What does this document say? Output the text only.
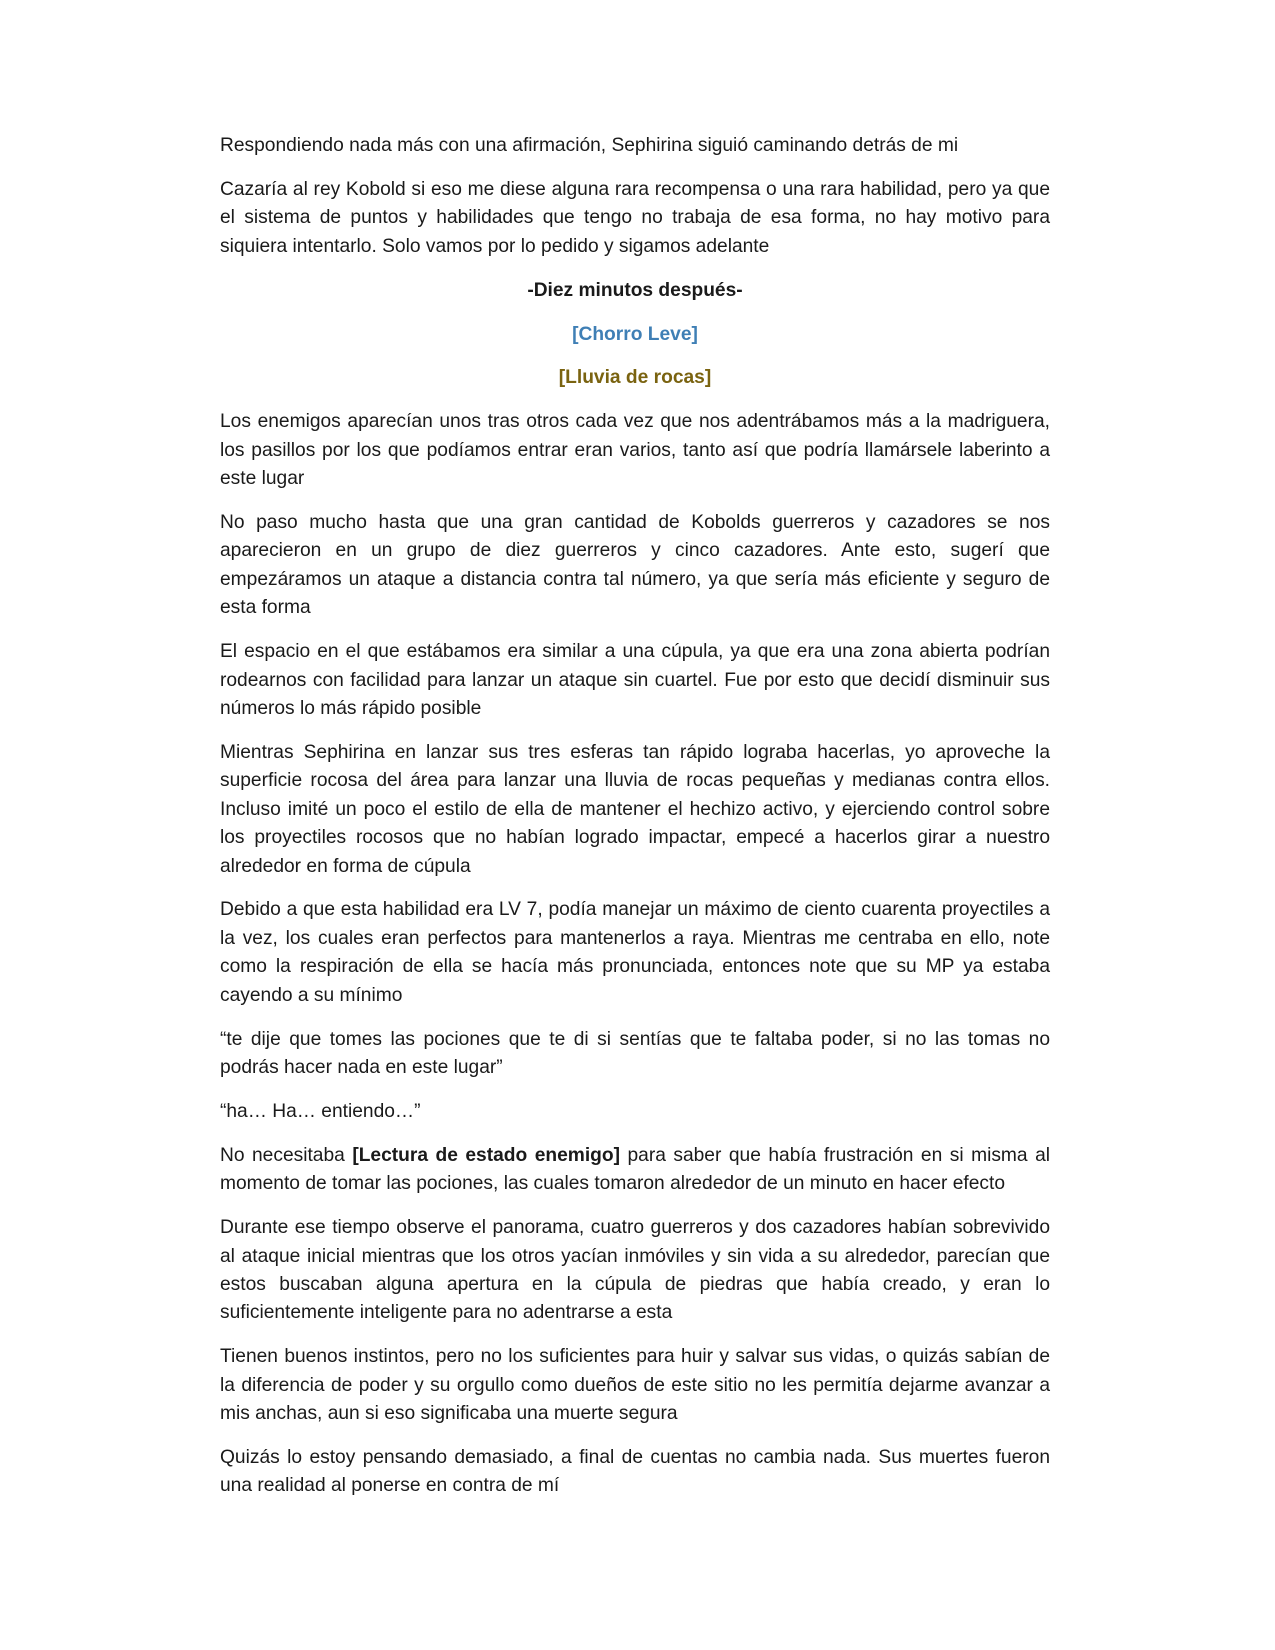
Respondiendo nada más con una afirmación, Sephirina siguió caminando detrás de mi

Cazaría al rey Kobold si eso me diese alguna rara recompensa o una rara habilidad, pero ya que el sistema de puntos y habilidades que tengo no trabaja de esa forma, no hay motivo para siquiera intentarlo. Solo vamos por lo pedido y sigamos adelante

-Diez minutos después-

[Chorro Leve]

[Lluvia de rocas]

Los enemigos aparecían unos tras otros cada vez que nos adentrábamos más a la madriguera, los pasillos por los que podíamos entrar eran varios, tanto así que podría llamársele laberinto a este lugar

No paso mucho hasta que una gran cantidad de Kobolds guerreros y cazadores se nos aparecieron en un grupo de diez guerreros y cinco cazadores. Ante esto, sugerí que empezáramos un ataque a distancia contra tal número, ya que sería más eficiente y seguro de esta forma

El espacio en el que estábamos era similar a una cúpula, ya que era una zona abierta podrían rodearnos con facilidad para lanzar un ataque sin cuartel. Fue por esto que decidí disminuir sus números lo más rápido posible

Mientras Sephirina en lanzar sus tres esferas tan rápido lograba hacerlas, yo aproveche la superficie rocosa del área para lanzar una lluvia de rocas pequeñas y medianas contra ellos. Incluso imité un poco el estilo de ella de mantener el hechizo activo, y ejerciendo control sobre los proyectiles rocosos que no habían logrado impactar, empecé a hacerlos girar a nuestro alrededor en forma de cúpula

Debido a que esta habilidad era LV 7, podía manejar un máximo de ciento cuarenta proyectiles a la vez, los cuales eran perfectos para mantenerlos a raya. Mientras me centraba en ello, note como la respiración de ella se hacía más pronunciada, entonces note que su MP ya estaba cayendo a su mínimo

“te dije que tomes las pociones que te di si sentías que te faltaba poder, si no las tomas no podrás hacer nada en este lugar”

“ha… Ha… entiendo…”

No necesitaba [Lectura de estado enemigo] para saber que había frustración en si misma al momento de tomar las pociones, las cuales tomaron alrededor de un minuto en hacer efecto

Durante ese tiempo observe el panorama, cuatro guerreros y dos cazadores habían sobrevivido al ataque inicial mientras que los otros yacían inmóviles y sin vida a su alrededor, parecían que estos buscaban alguna apertura en la cúpula de piedras que había creado, y eran lo suficientemente inteligente para no adentrarse a esta

Tienen buenos instintos, pero no los suficientes para huir y salvar sus vidas, o quizás sabían de la diferencia de poder y su orgullo como dueños de este sitio no les permitía dejarme avanzar a mis anchas, aun si eso significaba una muerte segura

Quizás lo estoy pensando demasiado, a final de cuentas no cambia nada. Sus muertes fueron una realidad al ponerse en contra de mí
